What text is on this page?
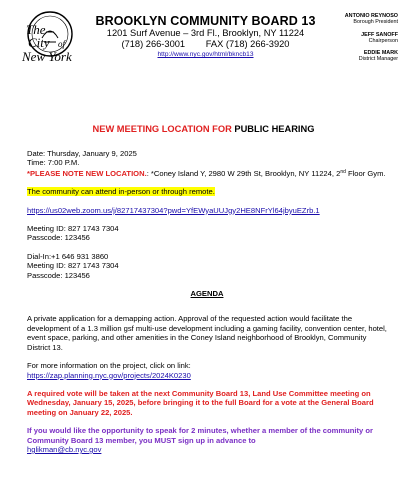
The
City of
New York
BROOKLYN COMMUNITY BOARD 13
1201 Surf Avenue – 3rd Fl., Brooklyn, NY 11224
(718) 266-3001 FAX (718) 266-3920
http://www.nyc.gov/html/bkncb13
ANTONIO REYNOSO
Borough President
JEFF SANOFF
Chairperson
EDDIE MARK
District Manager
NEW MEETING LOCATION FOR PUBLIC HEARING
Date: Thursday, January 9, 2025
Time: 7:00 P.M.
*PLEASE NOTE NEW LOCATION.: *Coney Island Y, 2980 W 29th St, Brooklyn, NY 11224, 2nd Floor Gym.
The community can attend in-person or through remote.
https://us02web.zoom.us/j/82717437304?pwd=YfEWyaUUJgy2HE8NFrYl64jbyuEZrb.1
Meeting ID: 827 1743 7304
Passcode: 123456
Dial-In:+1 646 931 3860
Meeting ID: 827 1743 7304
Passcode: 123456
AGENDA
A private application for a demapping action. Approval of the requested action would facilitate the development of a 1.3 million gsf multi-use development including a gaming facility, convention center, hotel, event space, parking, and other amenities in the Coney Island neighborhood of Brooklyn, Community District 13.
For more information on the project, click on link:
https://zap.planning.nyc.gov/projects/2024K0230
A required vote will be taken at the next Community Board 13, Land Use Committee meeting on Wednesday, January 15, 2025, before bringing it to the full Board for a vote at the General Board meeting on January 22, 2025.
If you would like the opportunity to speak for 2 minutes, whether a member of the community or Community Board 13 member, you MUST sign up in advance to
hglikman@cb.nyc.gov
